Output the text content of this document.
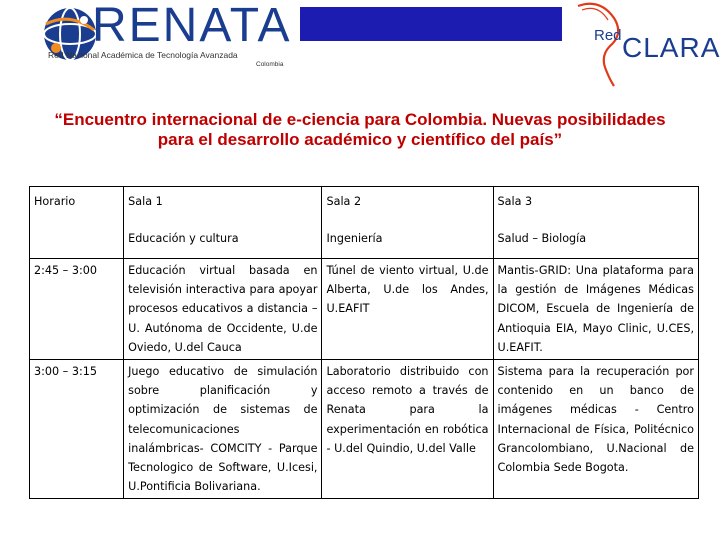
RENATA
Red Nacional Académica de Tecnología Avanzada
Colombia
Red CLARA
“Encuentro internacional de e-ciencia para Colombia. Nuevas posibilidades
para el desarrollo académico y científico del país”
Horario	Sala 1	Sala 2	Sala 3
	Educación y cultura	Ingeniería	Salud – Biología
2:45 – 3:00	Educación virtual basada en televisión interactiva para apoyar procesos educativos a distancia – U. Autónoma de Occidente, U.de Oviedo, U.del Cauca	Túnel de viento virtual, U.de Alberta, U.de los Andes, U.EAFIT	Mantis-GRID: Una plataforma para la gestión de Imágenes Médicas DICOM, Escuela de Ingeniería de Antioquia EIA, Mayo Clinic, U.CES, U.EAFIT.
3:00 – 3:15	Juego educativo de simulación sobre planificación y optimización de sistemas de telecomunicaciones inalámbricas- COMCITY - Parque Tecnologico de Software, U.Icesi, U.Pontificia Bolivariana.	Laboratorio distribuido con acceso remoto a través de Renata para la experimentación en robótica - U.del Quindio, U.del Valle	Sistema para la recuperación por contenido en un banco de imágenes médicas - Centro Internacional de Física, Politécnico Grancolombiano, U.Nacional de Colombia Sede Bogota.
